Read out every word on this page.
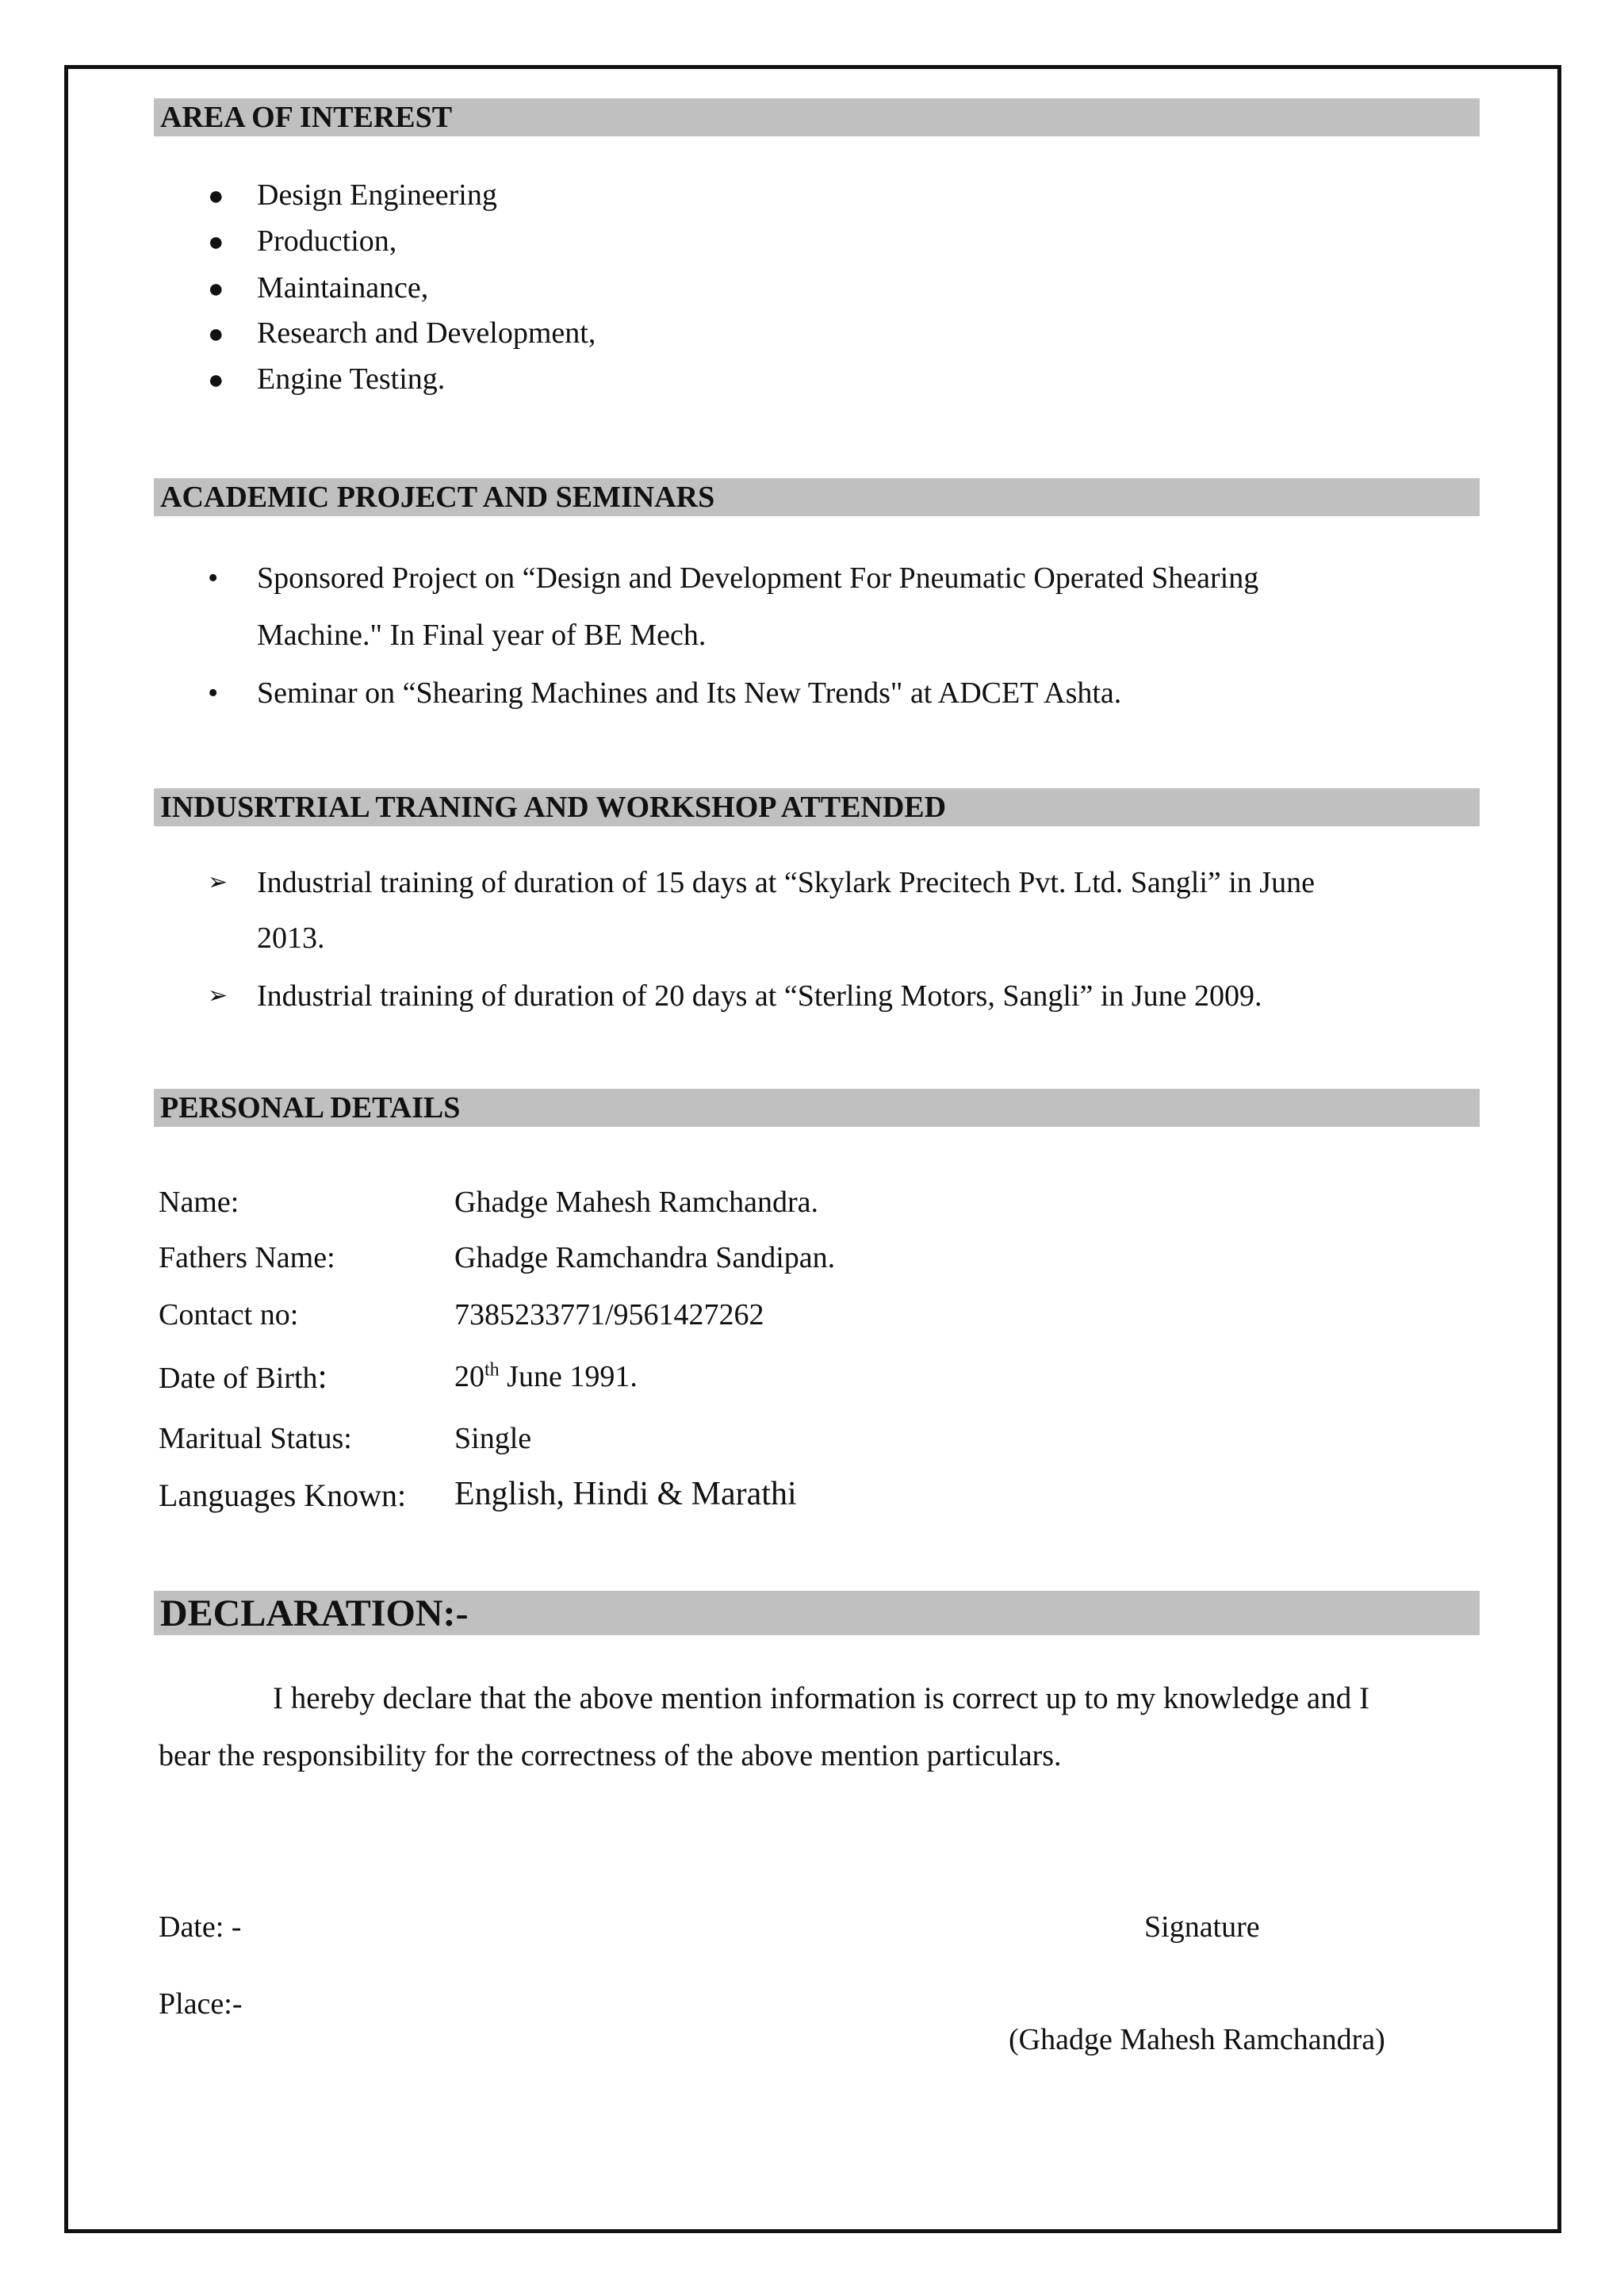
AREA OF INTEREST
● Design Engineering
● Production,
● Maintainance,
● Research and Development,
● Engine Testing.
ACADEMIC PROJECT AND SEMINARS
• Sponsored Project on “Design and Development For Pneumatic Operated Shearing
Machine." In Final year of BE Mech.
• Seminar on “Shearing Machines and Its New Trends" at ADCET Ashta.
INDUSRTRIAL TRANING AND WORKSHOP ATTENDED
➢ Industrial training of duration of 15 days at “Skylark Precitech Pvt. Ltd. Sangli” in June
2013.
➢ Industrial training of duration of 20 days at “Sterling Motors, Sangli” in June 2009.
PERSONAL DETAILS
Name:	Ghadge Mahesh Ramchandra.
Fathers Name:	Ghadge Ramchandra Sandipan.
Contact no:	7385233771/9561427262
Date of Birth:	20th June 1991.
Maritual Status:	Single
Languages Known: English, Hindi & Marathi
DECLARATION:-
I hereby declare that the above mention information is correct up to my knowledge and I
bear the responsibility for the correctness of the above mention particulars.
Date: -	Signature
Place:-
(Ghadge Mahesh Ramchandra)
